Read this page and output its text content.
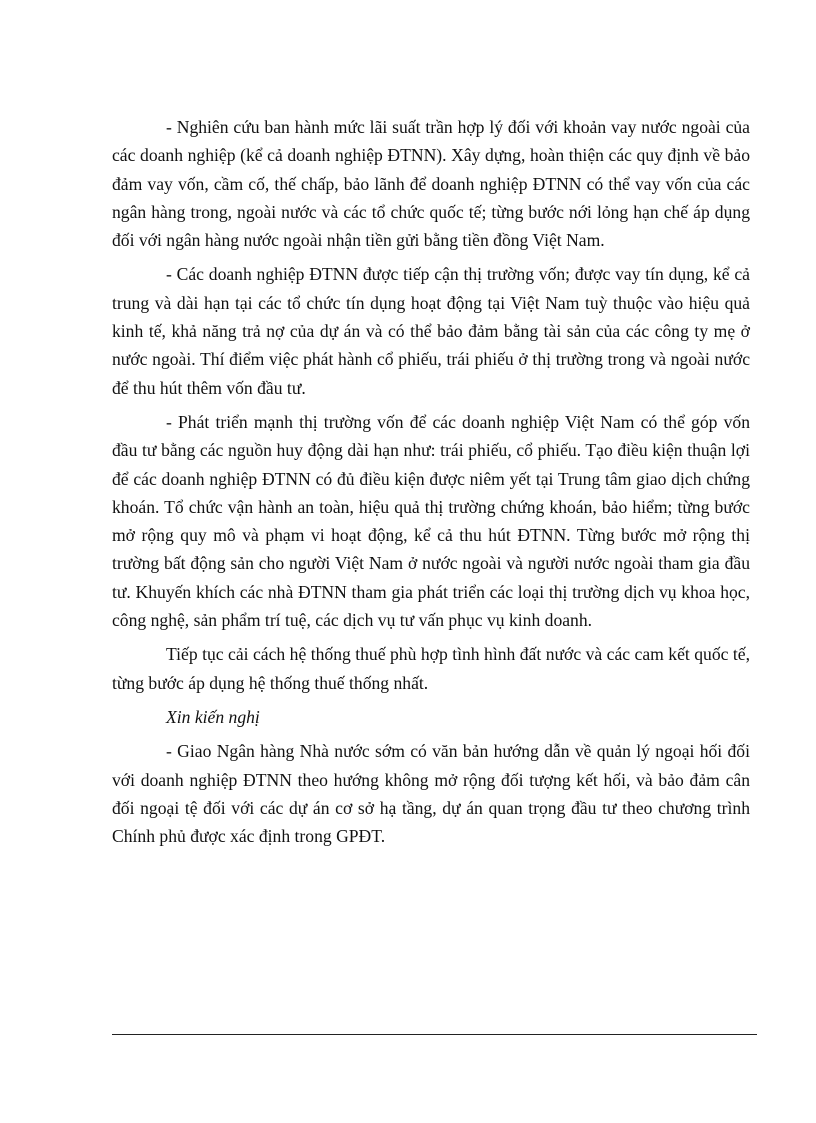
- Nghiên cứu ban hành mức lãi suất trần hợp lý đối với khoản vay nước ngoài của các doanh nghiệp (kể cả doanh nghiệp ĐTNN). Xây dựng, hoàn thiện các quy định về bảo đảm vay vốn, cầm cố, thế chấp, bảo lãnh để doanh nghiệp ĐTNN có thể vay vốn của các ngân hàng trong, ngoài nước và các tổ chức quốc tế; từng bước nới lỏng hạn chế áp dụng đối với ngân hàng nước ngoài nhận tiền gửi bằng tiền đồng Việt Nam.

- Các doanh nghiệp ĐTNN được tiếp cận thị trường vốn; được vay tín dụng, kể cả trung và dài hạn tại các tổ chức tín dụng hoạt động tại Việt Nam tuỳ thuộc vào hiệu quả kinh tế, khả năng trả nợ của dự án và có thể bảo đảm bằng tài sản của các công ty mẹ ở nước ngoài. Thí điểm việc phát hành cổ phiếu, trái phiếu ở thị trường trong và ngoài nước để thu hút thêm vốn đầu tư.

- Phát triển mạnh thị trường vốn để các doanh nghiệp Việt Nam có thể góp vốn đầu tư bằng các nguồn huy động dài hạn như: trái phiếu, cổ phiếu. Tạo điều kiện thuận lợi để các doanh nghiệp ĐTNN có đủ điều kiện được niêm yết tại Trung tâm giao dịch chứng khoán. Tổ chức vận hành an toàn, hiệu quả thị trường chứng khoán, bảo hiểm; từng bước mở rộng quy mô và phạm vi hoạt động, kể cả thu hút ĐTNN. Từng bước mở rộng thị trường bất động sản cho người Việt Nam ở nước ngoài và người nước ngoài tham gia đầu tư. Khuyến khích các nhà ĐTNN tham gia phát triển các loại thị trường dịch vụ khoa học, công nghệ, sản phẩm trí tuệ, các dịch vụ tư vấn phục vụ kinh doanh.

Tiếp tục cải cách hệ thống thuế phù hợp tình hình đất nước và các cam kết quốc tế, từng bước áp dụng hệ thống thuế thống nhất.

Xin kiến nghị

- Giao Ngân hàng Nhà nước sớm có văn bản hướng dẫn về quản lý ngoại hối đối với doanh nghiệp ĐTNN theo hướng không mở rộng đối tượng kết hối, và bảo đảm cân đối ngoại tệ đối với các dự án cơ sở hạ tầng, dự án quan trọng đầu tư theo chương trình Chính phủ được xác định trong GPĐT.
